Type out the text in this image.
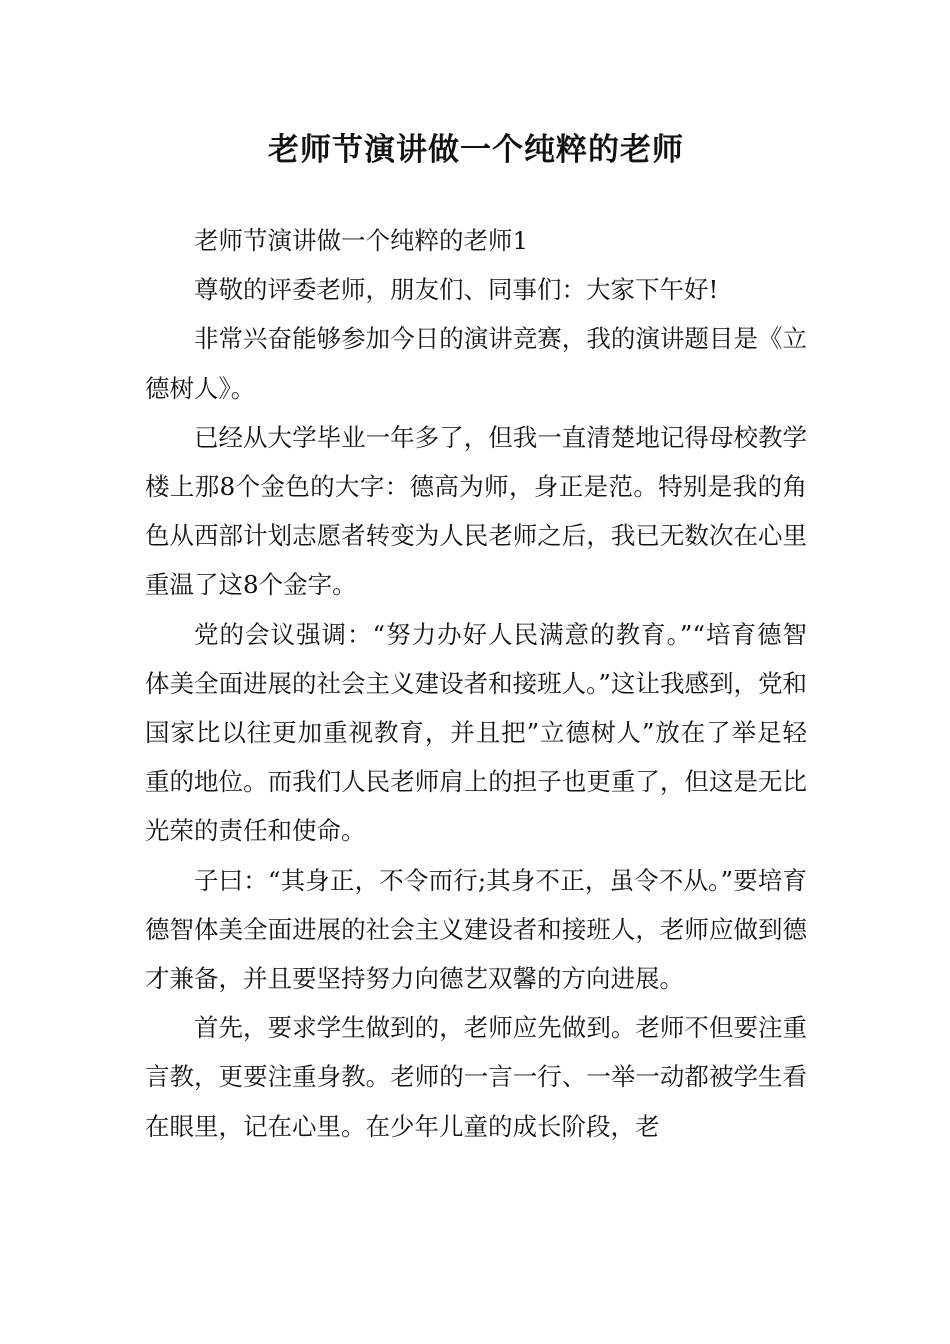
老师节演讲做一个纯粹的老师

老师节演讲做一个纯粹的老师1

尊敬的评委老师，朋友们、同事们：大家下午好!

非常兴奋能够参加今日的演讲竞赛，我的演讲题目是《立德树人》。

已经从大学毕业一年多了，但我一直清楚地记得母校教学楼上那8个金色的大字：德高为师，身正是范。特别是我的角色从西部计划志愿者转变为人民老师之后，我已无数次在心里重温了这8个金字。

党的会议强调：“努力办好人民满意的教育。”“培育德智体美全面进展的社会主义建设者和接班人。”这让我感到，党和国家比以往更加重视教育，并且把”立德树人”放在了举足轻重的地位。而我们人民老师肩上的担子也更重了，但这是无比光荣的责任和使命。

子曰：“其身正，不令而行;其身不正，虽令不从。”要培育德智体美全面进展的社会主义建设者和接班人，老师应做到德才兼备，并且要坚持努力向德艺双馨的方向进展。

首先，要求学生做到的，老师应先做到。老师不但要注重言教，更要注重身教。老师的一言一行、一举一动都被学生看在眼里，记在心里。在少年儿童的成长阶段，老
